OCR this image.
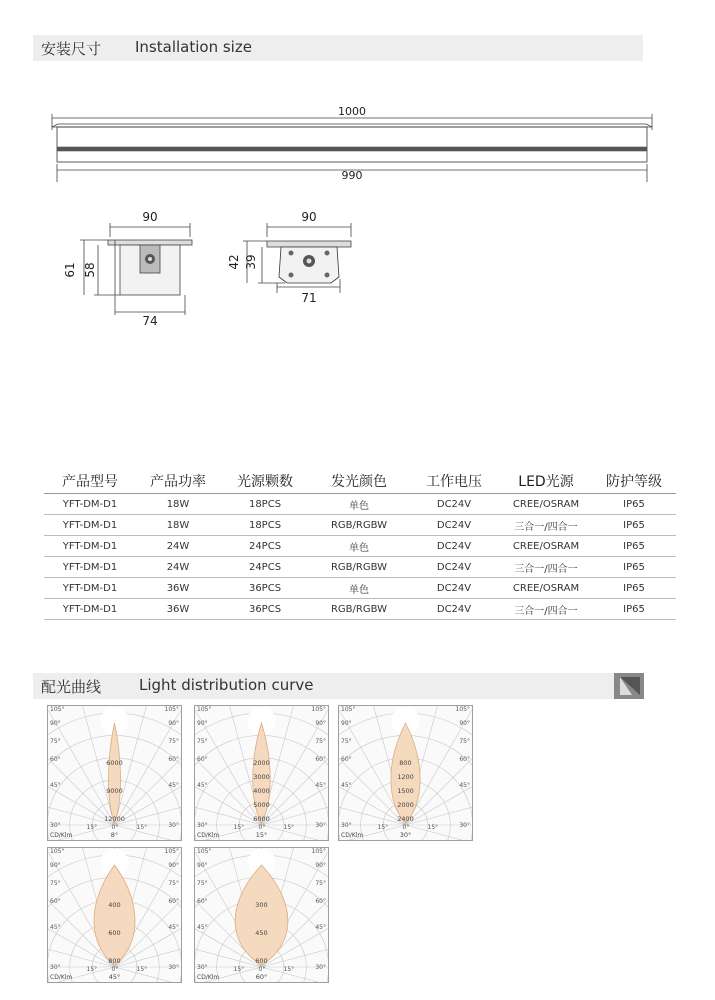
安装尺寸 Installation size
1000
990
90
61 58
74
90
42 39
71
产品型号	产品功率	光源颗数	发光颜色	工作电压	LED光源	防护等级
YFT-DM-D1	18W	18PCS	单色	DC24V	CREE/OSRAM	IP65
YFT-DM-D1	18W	18PCS	RGB/RGBW	DC24V	三合一/四合一	IP65
YFT-DM-D1	24W	24PCS	单色	DC24V	CREE/OSRAM	IP65
YFT-DM-D1	24W	24PCS	RGB/RGBW	DC24V	三合一/四合一	IP65
YFT-DM-D1	36W	36PCS	单色	DC24V	CREE/OSRAM	IP65
YFT-DM-D1	36W	36PCS	RGB/RGBW	DC24V	三合一/四合一	IP65
配光曲线	Light distribution curve
6000
9000
12000
105°	105°
90°	90°
75°	75°
60°	60°
45°	45°
30°	30°
15° 0°	15°
CD/Klm	8°
2000
3000
4000
5000
6000
105°	105°
90°	90°
75°	75°
60°	60°
45°	45°
30°	30°
15° 0°	15°
CD/Klm	15°
800
1200
1500
2000
2400
105°	105°
90°	90°
75°	75°
60°	60°
45°	45°
30°	30°
15° 0°	15°
CD/Klm	30°
400
600
800
105°	105°
90°	90°
75°	75°
60°	60°
45°	45°
30°	30°
15° 0°	15°
CD/Klm	45°
300
450
600
105°	105°
90°	90°
75°	75°
60°	60°
45°	45°
30°	30°
15° 0°	15°
CD/Klm	60°
